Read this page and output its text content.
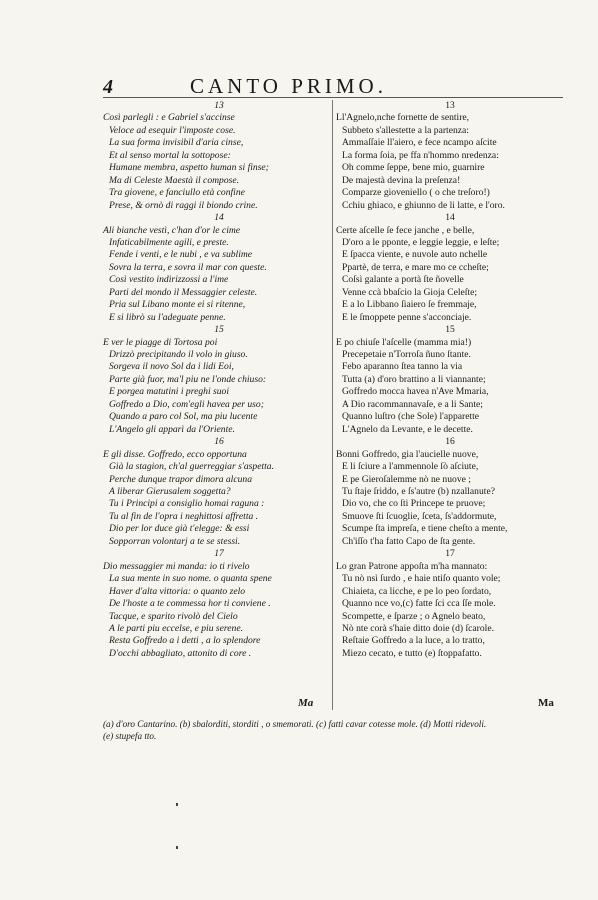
4	CANTO PRIMO.
13
Così parlegli : e Gabriel s'accinse
Veloce ad esequir l'imposte cose.
La sua forma invisibil d'aria cinse,
Et al senso mortal la sottopose:
Humane membra, aspetto human si finse;
Ma di Celeste Maestà il compose.
Tra giovene, e fanciullo età confine
Prese, & ornò di raggi il biondo crine.
14
Ali bianche vestì, c'han d'or le cime
Infaticabilmente agili, e preste.
Fende i venti, e le nubi , e va sublime
Sovra la terra, e sovra il mar con queste.
Così vestito indirizzossi a l'ime
Parti del mondo il Messaggier celeste.
Pria sul Libano monte ei si ritenne,
E si librò su l'adeguate penne.
15
E ver le piagge di Tortosa poi
Drizzò precipitando il volo in giuso.
Sorgeva il novo Sol da i lidi Eoi,
Parte già fuor, ma'l piu ne l'onde chiuso:
E porgea matutini i preghi suoi
Goffredo a Dio, com'egli havea per uso;
Quando a paro col Sol, ma piu lucente
L'Angelo gli apparì da l'Oriente.
16
E gli disse. Goffredo, ecco opportuna
Già la stagion, ch'al guerreggiar s'aspetta.
Perche dunque trapor dimora alcuna
A liberar Gierusalem soggetta?
Tu i Principi a consiglio homai raguna :
Tu al fin de l'opra i neghittosi affretta .
Dio per lor duce già t'elegge: & essi
Sopporran volontarj a te se stessi.
17
Dio messaggier mi manda: io ti rivelo
La sua mente in suo nome. o quanta spene
Haver d'alta vittoria: o quanto zelo
De l'hoste a te commessa hor ti conviene .
Tacque, e sparito rivolò del Cielo
A le parti piu eccelse, e piu serene.
Resta Goffredo a i detti , a lo splendore
D'occhi abbagliato, attonito di core .
13
Ll'Agnelo,nche fornette de sentire,
Subbeto s'allestette a la partenza:
Ammaſſaie ll'aiero, e fece ncampo aſcite
La forma ſoia, pe ffa n'hommo nredenza:
Oh comme ſeppe, bene mio, guarnire
De majestà devina la preſenza!
Comparze gioveniello ( o che treſoro!)
Cchiu ghiaco, e ghiunno de li latte, e l'oro.
14
Certe aſcelle ſe fece janche , e belle,
D'oro a le pponte, e leggie leggie, e leſte;
E ſpacca viente, e nuvole auto nchelle
Ppartè, de terra, e mare mo ce ccheſte;
Coſsì galante a portà ſte ñovelle
Venne ccà bbaſcio la Gioja Celeſte;
E a lo Libbano ſiaiero ſe fremmaje,
E le ſmoppete penne s'acconciaje.
15
E po chiuſe l'aſcelle (mamma mia!)
Precepetaie n'Torroſa ñuno ſtante.
Febo aparanno ſtea tanno la via
Tutta (a) d'oro brattino a li viannante;
Goffredo mocca havea n'Ave Mmaria,
A Dio racommannavaſe, e a li Sante;
Quanno luſtro (che Sole) l'apparette
L'Agnelo da Levante, e le decette.
16
Bonni Goffredo, gia l'aucielle nuove,
E li ſciure a l'ammennole ſò aſciute,
E pe Gieroſalemme nò ne nuove ;
Tu ſtaje ſriddo, e ſs'autre (b) nzallanute?
Dio vo, che co ſti Princepe te pruove;
Smuove ſti ſcuoglie, ſceta, ſs'addormute,
Scumpe ſta impreſa, e tiene cheſto a mente,
Ch'iſſo t'ha fatto Capo de ſta gente.
17
Lo gran Patrone appoſta m'ha mannato:
Tu nò nsì ſurdo , e haie ntiſo quanto vole;
Chiaieta, ca licche, e pe lo peo ſordato,
Quanno nce vo,(c) fatte ſci cca ſſe mole.
Scompette, e ſparze ; o Agnelo beato,
Nò nte corà s'haie ditto doie (d) ſcarole.
Reſtaie Goffredo a la luce, a lo tratto,
Miezo cecato, e tutto (e) ſtoppafatto.
Ma	Ma
(a) d'oro Cantarino. (b) sbalorditi, storditi , o smemorati. (c) fatti cavar cotesse mole. (d) Motti ridevoli.
(e) stupefa tto.
